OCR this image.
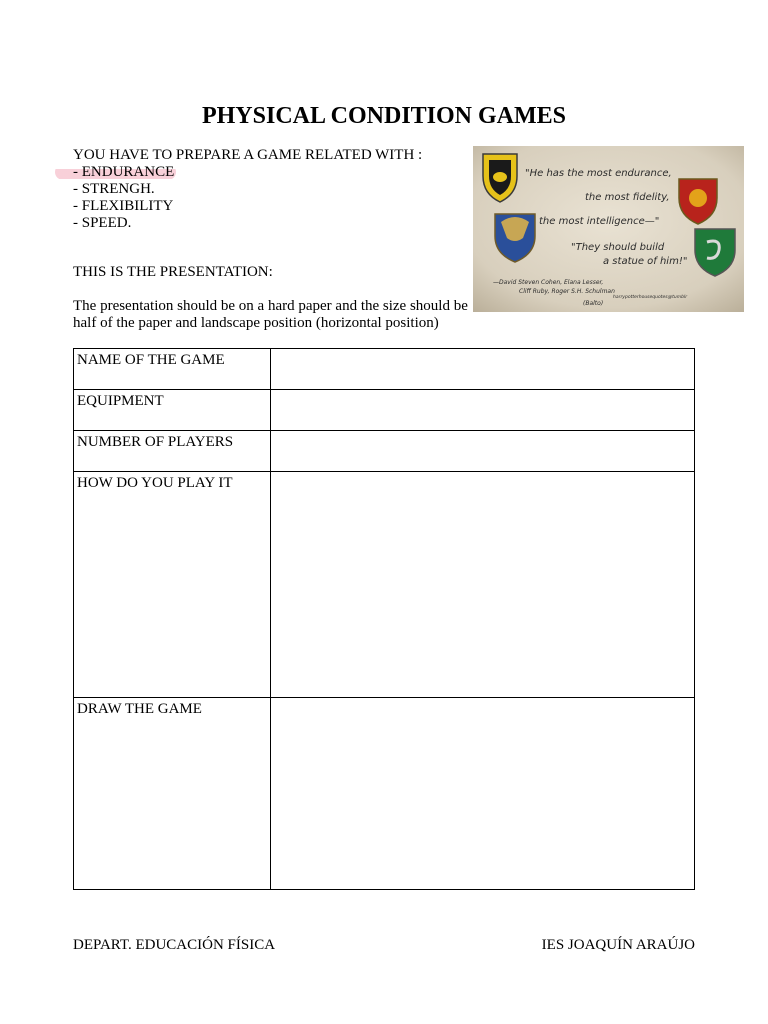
PHYSICAL CONDITION GAMES
YOU HAVE TO PREPARE A GAME RELATED WITH :
- ENDURANCE
- STRENGH.
- FLEXIBILITY
- SPEED.
THIS IS THE PRESENTATION:
The presentation should be on a hard paper and the size should be half of the paper and landscape position (horizontal position)
"He has the most endurance,
the most fidelity,
the most intelligence—"
"They should build
a statue of him!"
—David Steven Cohen, Elana Lesser,
Cliff Ruby, Roger S.H. Schulman
(Balto)
harrypotterhousequotes@tumblr
NAME OF THE GAME	
EQUIPMENT	
NUMBER OF PLAYERS	
HOW DO YOU PLAY IT	
DRAW THE GAME	
DEPART. EDUCACIÓN FÍSICA	IES JOAQUÍN ARAÚJO
